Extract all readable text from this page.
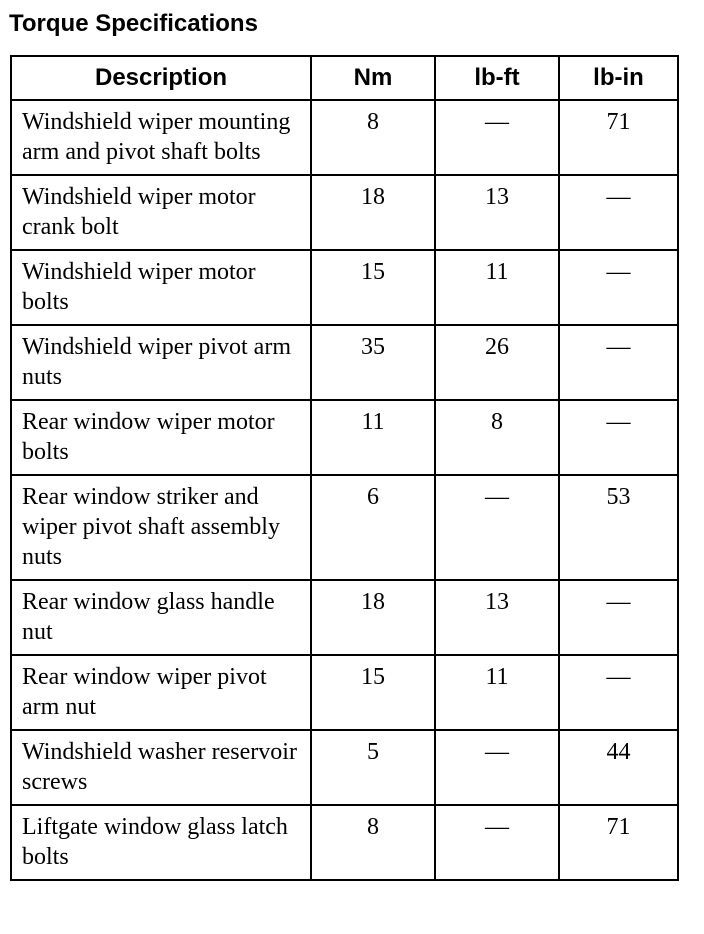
Torque Specifications
Description	Nm	lb-ft	lb-in
Windshield wiper mounting arm and pivot shaft bolts	8	—	71
Windshield wiper motor crank bolt	18	13	—
Windshield wiper motor bolts	15	11	—
Windshield wiper pivot arm nuts	35	26	—
Rear window wiper motor bolts	11	8	—
Rear window striker and wiper pivot shaft assembly nuts	6	—	53
Rear window glass handle nut	18	13	—
Rear window wiper pivot arm nut	15	11	—
Windshield washer reservoir screws	5	—	44
Liftgate window glass latch bolts	8	—	71
